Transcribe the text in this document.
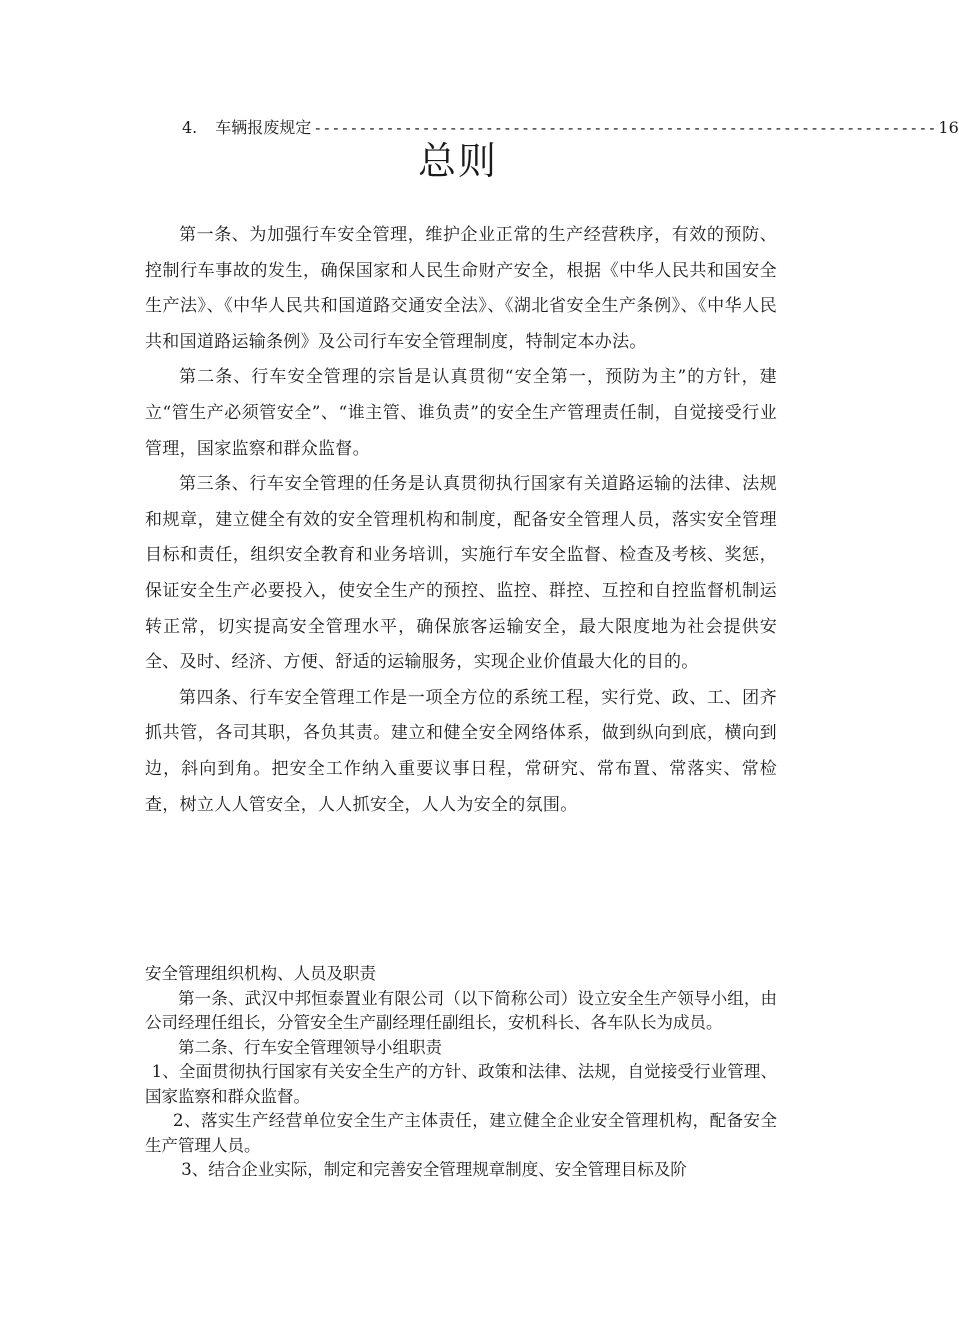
4. 车辆报废规定 --------------------------------------------------------------------- 16
总则

第一条、为加强行车安全管理，维护企业正常的生产经营秩序，有效的预防、控制行车事故的发生，确保国家和人民生命财产安全，根据《中华人民共和国安全生产法》、《中华人民共和国道路交通安全法》、《湖北省安全生产条例》、《中华人民共和国道路运输条例》及公司行车安全管理制度，特制定本办法。

第二条、行车安全管理的宗旨是认真贯彻“安全第一，预防为主”的方针，建立“管生产必须管安全”、“谁主管、谁负责”的安全生产管理责任制，自觉接受行业管理，国家监察和群众监督。

第三条、行车安全管理的任务是认真贯彻执行国家有关道路运输的法律、法规和规章，建立健全有效的安全管理机构和制度，配备安全管理人员，落实安全管理目标和责任，组织安全教育和业务培训，实施行车安全监督、检查及考核、奖惩，保证安全生产必要投入，使安全生产的预控、监控、群控、互控和自控监督机制运转正常，切实提高安全管理水平，确保旅客运输安全，最大限度地为社会提供安全、及时、经济、方便、舒适的运输服务，实现企业价值最大化的目的。

第四条、行车安全管理工作是一项全方位的系统工程，实行党、政、工、团齐抓共管，各司其职，各负其责。建立和健全安全网络体系，做到纵向到底，横向到边，斜向到角。把安全工作纳入重要议事日程，常研究、常布置、常落实、常检查，树立人人管安全，人人抓安全，人人为安全的氛围。

安全管理组织机构、人员及职责

第一条、武汉中邦恒泰置业有限公司（以下简称公司）设立安全生产领导小组，由公司经理任组长，分管安全生产副经理任副组长，安机科长、各车队长为成员。

第二条、行车安全管理领导小组职责

1、全面贯彻执行国家有关安全生产的方针、政策和法律、法规，自觉接受行业管理、国家监察和群众监督。

2、落实生产经营单位安全生产主体责任，建立健全企业安全管理机构，配备安全生产管理人员。

3、结合企业实际，制定和完善安全管理规章制度、安全管理目标及阶
